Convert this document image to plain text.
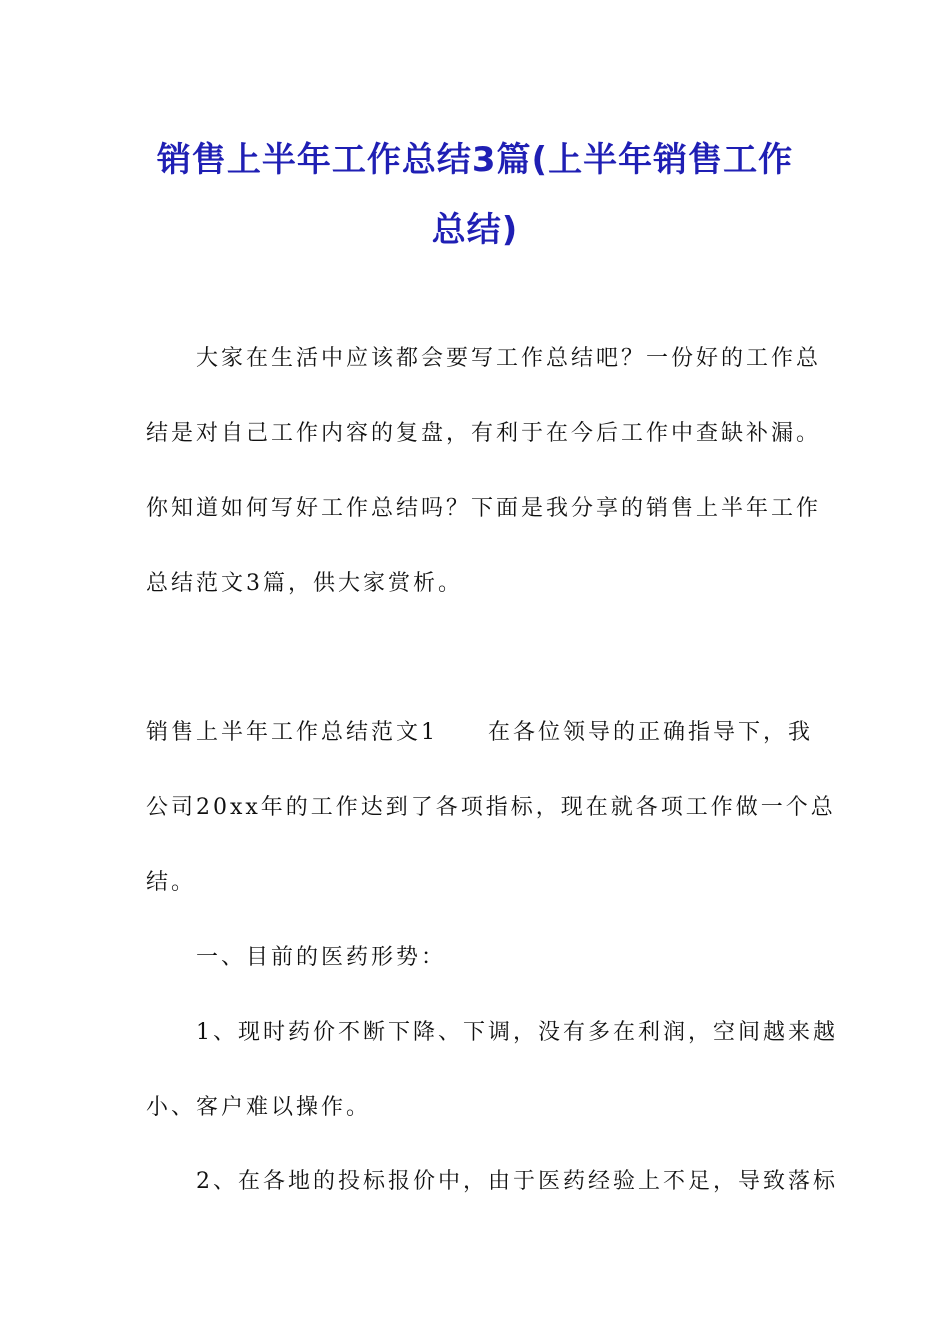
销售上半年工作总结3篇(上半年销售工作
总结)
　　大家在生活中应该都会要写工作总结吧？一份好的工作总
结是对自己工作内容的复盘，有利于在今后工作中查缺补漏。
你知道如何写好工作总结吗？下面是我分享的销售上半年工作
总结范文3篇，供大家赏析。
销售上半年工作总结范文1　　在各位领导的正确指导下，我
公司20xx年的工作达到了各项指标，现在就各项工作做一个总
结。
　　一、目前的医药形势：
　　1、现时药价不断下降、下调，没有多在利润，空间越来越
小、客户难以操作。
　　2、在各地的投标报价中，由于医药经验上不足，导致落标
